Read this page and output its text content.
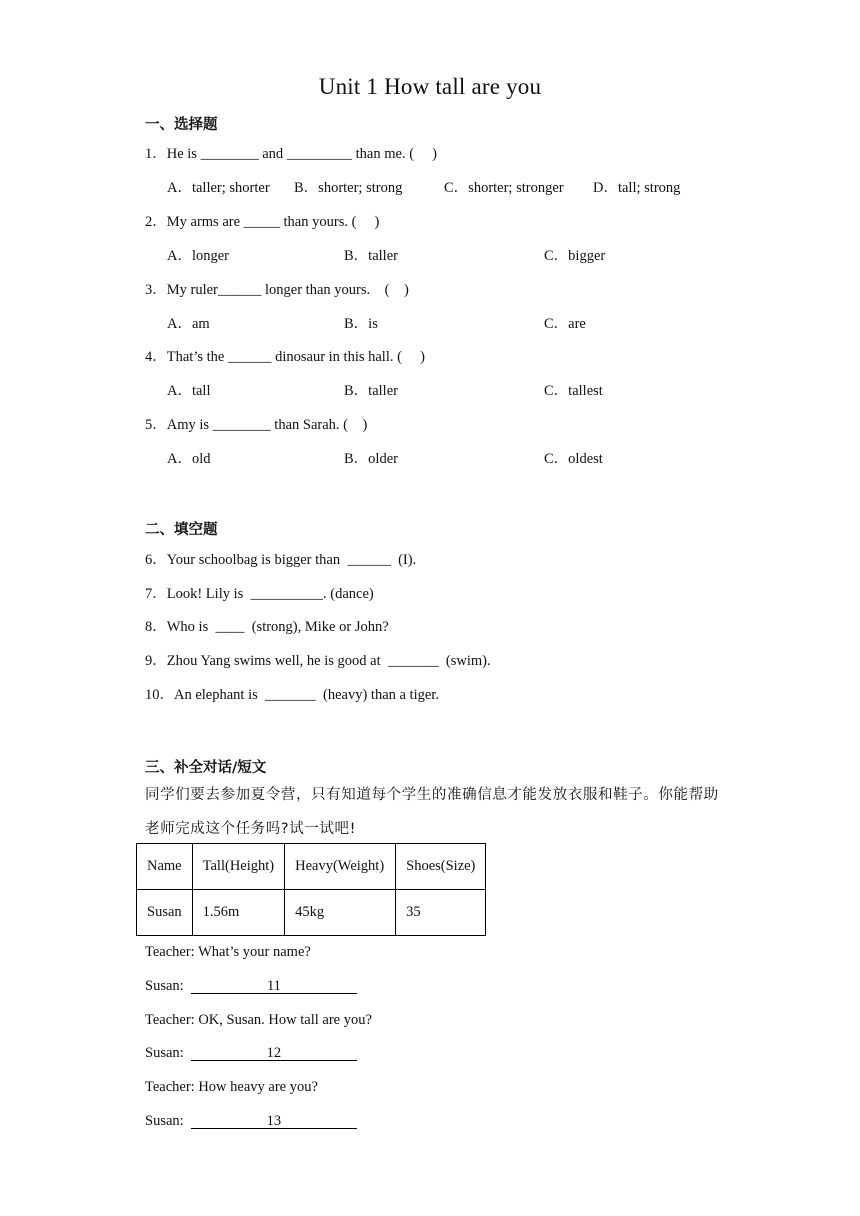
Unit 1 How tall are you
一、选择题
1．He is ________ and _________ than me. (     )

A．taller; shorter

B．shorter; strong

	C．shorter; stronger

D．tall; strong

2．My arms are _____ than yours. (     )

A．longer

	B．taller

	C．bigger

3．My ruler______ longer than yours.    (    )

A．am

	B．is

	C．are

4．That’s the ______ dinosaur in this hall. (     )

A．tall

	B．taller

	C．tallest

5．Amy is ________ than Sarah. (    )

A．old

	B．older

	C．oldest

二、填空题
6．Your schoolbag is bigger than  ______  (I).
7．Look! Lily is  __________. (dance)
8．Who is  ____  (strong), Mike or John?
9．Zhou Yang swims well, he is good at  _______  (swim).
10．An elephant is  _______  (heavy) than a tiger.
三、补全对话/短文
同学们要去参加夏令营，只有知道每个学生的准确信息才能发放衣服和鞋子。你能帮助
老师完成这个任务吗?试一试吧!
Name	Tall(Height)	Heavy(Weight)	Shoes(Size)
Susan	1.56m	45kg	35
Teacher: What’s your name?
Susan:	11
Teacher: OK, Susan. How tall are you?
Susan:	12
Teacher: How heavy are you?
Susan:	13
